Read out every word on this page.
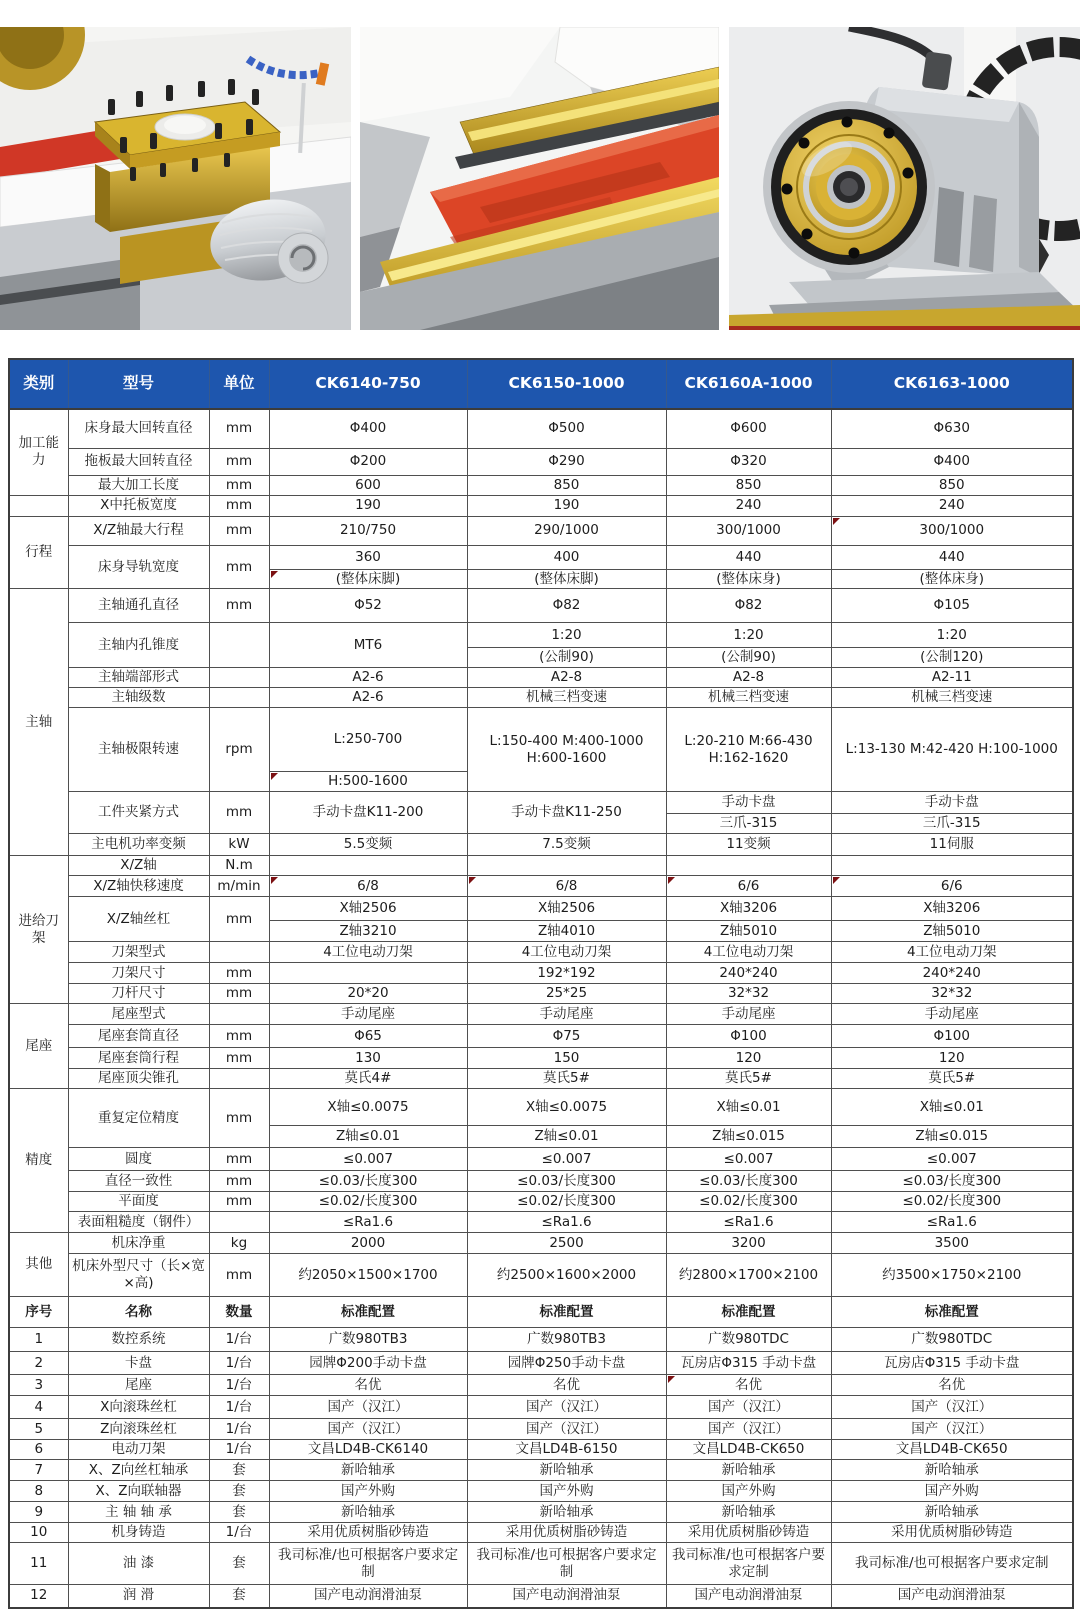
类别	型号	单位	CK6140-750	CK6150-1000	CK6160A-1000	CK6163-1000
加工能力	床身最大回转直径	mm	Φ400	Φ500	Φ600	Φ630
	拖板最大回转直径	mm	Φ200	Φ290	Φ320	Φ400
	最大加工长度	mm	600	850	850	850
	X中托板宽度	mm	190	190	240	240
行程	X/Z轴最大行程	mm	210/750	290/1000	300/1000	300/1000
	床身导轨宽度	mm	360	400	440	440
			(整体床脚)	(整体床脚)	(整体床身)	(整体床身)
主轴	主轴通孔直径	mm	Φ52	Φ82	Φ82	Φ105
	主轴内孔锥度		MT6	1:20	1:20	1:20
				(公制90)	(公制90)	(公制120)
	主轴端部形式		A2-6	A2-8	A2-8	A2-11
	主轴级数		A2-6	机械三档变速	机械三档变速	机械三档变速
	主轴极限转速	rpm	L:250-700	L:150-400 M:400-1000 H:600-1600	L:20-210 M:66-430 H:162-1620	L:13-130 M:42-420 H:100-1000
			H:500-1600			
	工件夹紧方式	mm	手动卡盘K11-200	手动卡盘K11-250	手动卡盘	手动卡盘
					三爪-315	三爪-315
	主电机功率变频	kW	5.5变频	7.5变频	11变频	11伺服
进给刀架	X/Z轴	N.m				
	X/Z轴快移速度	m/min	6/8	6/8	6/6	6/6
	X/Z轴丝杠	mm	X轴2506	X轴2506	X轴3206	X轴3206
			Z轴3210	Z轴4010	Z轴5010	Z轴5010
	刀架型式		4工位电动刀架	4工位电动刀架	4工位电动刀架	4工位电动刀架
	刀架尺寸	mm		192*192	240*240	240*240
	刀杆尺寸	mm	20*20	25*25	32*32	32*32
尾座	尾座型式		手动尾座	手动尾座	手动尾座	手动尾座
	尾座套筒直径	mm	Φ65	Φ75	Φ100	Φ100
	尾座套筒行程	mm	130	150	120	120
	尾座顶尖锥孔		莫氏4#	莫氏5#	莫氏5#	莫氏5#
精度	重复定位精度	mm	X轴≤0.0075	X轴≤0.0075	X轴≤0.01	X轴≤0.01
			Z轴≤0.01	Z轴≤0.01	Z轴≤0.015	Z轴≤0.015
	圆度	mm	≤0.007	≤0.007	≤0.007	≤0.007
	直径一致性	mm	≤0.03/长度300	≤0.03/长度300	≤0.03/长度300	≤0.03/长度300
	平面度	mm	≤0.02/长度300	≤0.02/长度300	≤0.02/长度300	≤0.02/长度300
	表面粗糙度（钢件）		≤Ra1.6	≤Ra1.6	≤Ra1.6	≤Ra1.6
其他	机床净重	kg	2000	2500	3200	3500
	机床外型尺寸（长×宽×高)	mm	约2050×1500×1700	约2500×1600×2000	约2800×1700×2100	约3500×1750×2100
序号	名称	数量	标准配置	标准配置	标准配置	标准配置
1	数控系统	1/台	广数980TB3	广数980TB3	广数980TDC	广数980TDC
2	卡盘	1/台	园牌Φ200手动卡盘	园牌Φ250手动卡盘	瓦房店Φ315 手动卡盘	瓦房店Φ315 手动卡盘
3	尾座	1/台	名优	名优	名优	名优
4	X向滚珠丝杠	1/台	国产（汉江）	国产（汉江）	国产（汉江）	国产（汉江）
5	Z向滚珠丝杠	1/台	国产（汉江）	国产（汉江）	国产（汉江）	国产（汉江）
6	电动刀架	1/台	文昌LD4B-CK6140	文昌LD4B-6150	文昌LD4B-CK650	文昌LD4B-CK650
7	X、Z向丝杠轴承	套	新哈轴承	新哈轴承	新哈轴承	新哈轴承
8	X、Z向联轴器	套	国产外购	国产外购	国产外购	国产外购
9	主 轴 轴 承	套	新哈轴承	新哈轴承	新哈轴承	新哈轴承
10	机身铸造	1/台	采用优质树脂砂铸造	采用优质树脂砂铸造	采用优质树脂砂铸造	采用优质树脂砂铸造
11	油 漆	套	我司标准/也可根据客户要求定制	我司标准/也可根据客户要求定制	我司标准/也可根据客户要求定制	我司标准/也可根据客户要求定制
12	润 滑	套	国产电动润滑油泵	国产电动润滑油泵	国产电动润滑油泵	国产电动润滑油泵
